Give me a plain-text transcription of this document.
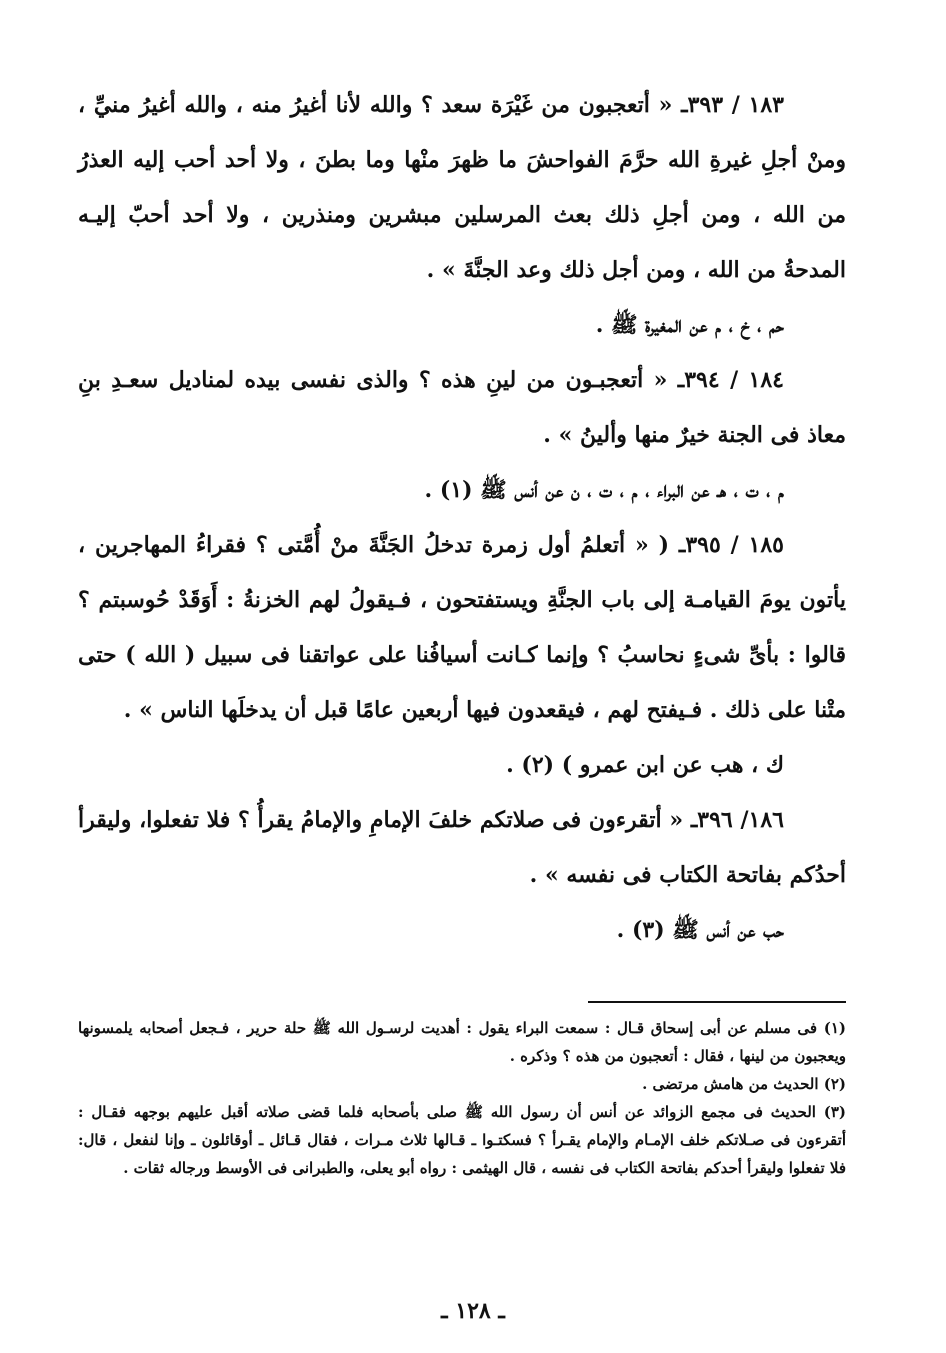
١٨٣ / ٣٩٣ـ « أتعجبون من غَيْرَة سعد ؟ والله لأنا أغيرُ منه ، والله أغيرُ منيِّ ، ومنْ أجلِ غيرةِ الله حرَّمَ الفواحشَ ما ظهرَ منْها وما بطنَ ، ولا أحد أحب إليه العذرُ من الله ، ومن أجلِ ذلك بعث المرسلين مبشرين ومنذرين ، ولا أحد أحبّ إليـه المدحةُ من الله ، ومن أجل ذلك وعد الجنَّةَ » .

حم ، خ ، م عن المغيرة ﷺ .

١٨٤ / ٣٩٤ـ « أتعجبـون من لينِ هذه ؟ والذى نفسى بيده لمناديل سعـدِ بنِ معاذ فى الجنة خيرٌ منها وألينُ » .

م ، ت ، هـ عن البراء ، م ، ت ، ن عن أنس ﷺ (١) .

١٨٥ / ٣٩٥ـ ( « أتعلمُ أول زمرة تدخلُ الجَنَّةَ منْ أُمَّتى ؟ فقراءُ المهاجرين ، يأتون يومَ القيامـة إلى باب الجنَّةِ ويستفتحون ، فـيقولُ لهم الخزنةُ : أَوَقَدْ حُوسبتم ؟ قالوا : بأىِّ شىءٍ نحاسبُ ؟ وإنما كـانت أسيافُنا على عواتقنا فى سبيل ( الله ) حتى متْنا على ذلك . فـيفتح لهم ، فيقعدون فيها أربعين عامًا قبل أن يدخلَها الناس » .

ك ، هب عن ابن عمرو ) (٢) .

١٨٦/ ٣٩٦ـ « أتقرءون فى صلاتكم خلفَ الإمامِ والإمامُ يقرأُ ؟ فلا تفعلوا، وليقرأ أحدُكم بفاتحة الكتاب فى نفسه » .

حب عن أنس ﷺ (٣) .

(١) فى مسلم عن أبى إسحاق قـال : سمعت البراء يقول : أهديت لرسـول الله ﷺ حلة حرير ، فـجعل أصحابه يلمسونها ويعجبون من لينها ، فقال : أتعجبون من هذه ؟ وذكره .

(٢) الحديث من هامش مرتضى .

(٣) الحديث فى مجمع الزوائد عن أنس أن رسول الله ﷺ صلى بأصحابه فلما قضى صلاته أقبل عليهم بوجهه فقـال : أتقرءون فى صـلاتكم خلف الإمـام والإمام يقـرأ ؟ فسكتـوا ـ قـالها ثلاث مـرات ، فقال قـائل ـ أوقائلون ـ وإنا لنفعل ، قال: فلا تفعلوا وليقرأ أحدكم بفاتحة الكتاب فى نفسه ، قال الهيثمى : رواه أبو يعلى، والطبرانى فى الأوسط ورجاله ثقات .

ـ ١٢٨ ـ
